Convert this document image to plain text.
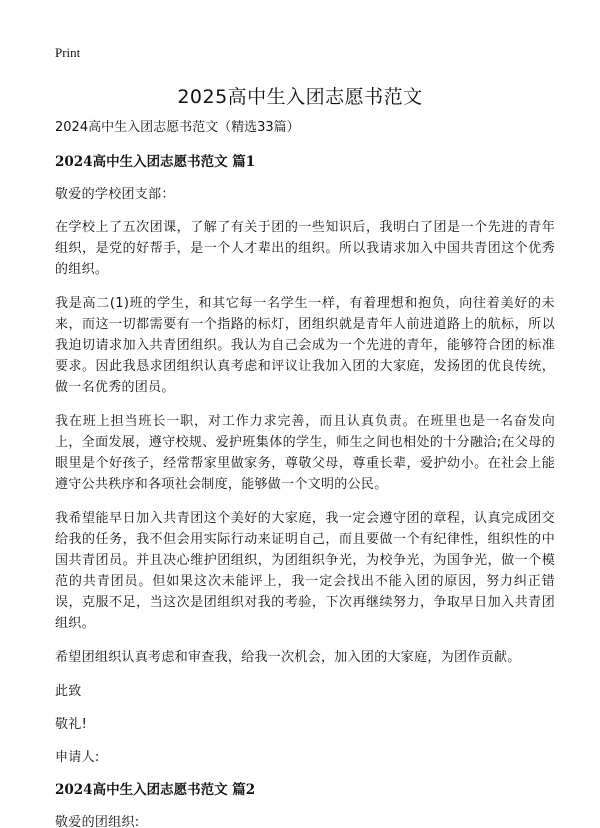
Print
2025高中生入团志愿书范文

2024高中生入团志愿书范文（精选33篇）

2024高中生入团志愿书范文 篇1

敬爱的学校团支部：

在学校上了五次团课，了解了有关于团的一些知识后，我明白了团是一个先进的青年组织，是党的好帮手，是一个人才辈出的组织。所以我请求加入中国共青团这个优秀的组织。

我是高二(1)班的学生，和其它每一名学生一样，有着理想和抱负，向往着美好的未来，而这一切都需要有一个指路的标灯，团组织就是青年人前进道路上的航标，所以我迫切请求加入共青团组织。我认为自己会成为一个先进的青年，能够符合团的标准要求。因此我恳求团组织认真考虑和评议让我加入团的大家庭，发扬团的优良传统，做一名优秀的团员。

我在班上担当班长一职，对工作力求完善，而且认真负责。在班里也是一名奋发向上，全面发展，遵守校规、爱护班集体的学生，师生之间也相处的十分融洽;在父母的眼里是个好孩子，经常帮家里做家务，尊敬父母，尊重长辈，爱护幼小。在社会上能遵守公共秩序和各项社会制度，能够做一个文明的公民。

我希望能早日加入共青团这个美好的大家庭，我一定会遵守团的章程，认真完成团交给我的任务，我不但会用实际行动来证明自己，而且要做一个有纪律性，组织性的中国共青团员。并且决心维护团组织，为团组织争光，为校争光，为国争光，做一个模范的共青团员。但如果这次未能评上，我一定会找出不能入团的原因，努力纠正错误，克服不足，当这次是团组织对我的考验，下次再继续努力，争取早日加入共青团组织。

希望团组织认真考虑和审查我，给我一次机会，加入团的大家庭，为团作贡献。

此致

敬礼!

申请人:

2024高中生入团志愿书范文 篇2

敬爱的团组织:
